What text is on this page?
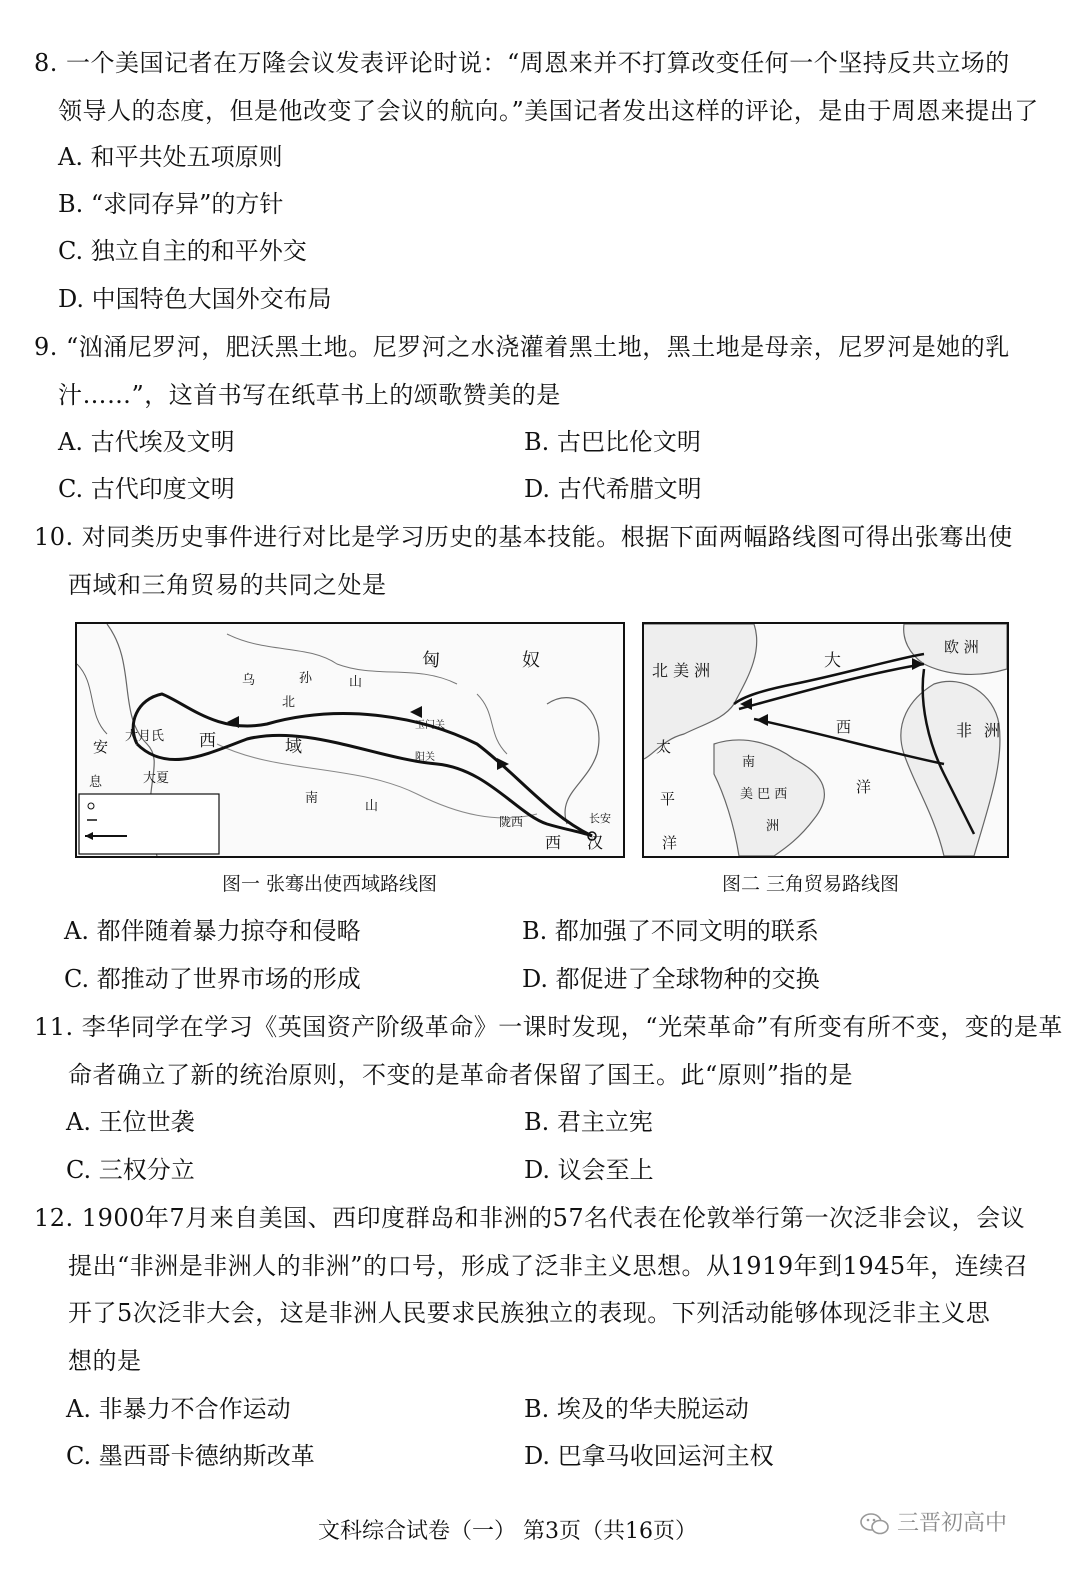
8. 一个美国记者在万隆会议发表评论时说：“周恩来并不打算改变任何一个坚持反共立场的
领导人的态度，但是他改变了会议的航向。”美国记者发出这样的评论，是由于周恩来提出了
A. 和平共处五项原则
B. “求同存异”的方针
C. 独立自主的和平外交
D. 中国特色大国外交布局
9. “汹涌尼罗河，肥沃黑土地。尼罗河之水浇灌着黑土地，黑土地是母亲，尼罗河是她的乳
汁……”，这首书写在纸草书上的颂歌赞美的是
A. 古代埃及文明	B. 古巴比伦文明
C. 古代印度文明	D. 古代希腊文明
10. 对同类历史事件进行对比是学习历史的基本技能。根据下面两幅路线图可得出张骞出使
西域和三角贸易的共同之处是
匈	奴
乌	孙	山
北
西	域
南
山
大月氏
大夏
安
息
玉门关
阳关
陇西	长安
西 汉
北 美 洲	大
西
洋
欧 洲
非 洲
太
平
洋
南
美 巴 西
洲
图一 张骞出使西域路线图	图二 三角贸易路线图
A. 都伴随着暴力掠夺和侵略	B. 都加强了不同文明的联系
C. 都推动了世界市场的形成	D. 都促进了全球物种的交换
11. 李华同学在学习《英国资产阶级革命》一课时发现，“光荣革命”有所变有所不变，变的是革
命者确立了新的统治原则，不变的是革命者保留了国王。此“原则”指的是
A. 王位世袭	B. 君主立宪
C. 三权分立	D. 议会至上
12. 1900年7月来自美国、西印度群岛和非洲的57名代表在伦敦举行第一次泛非会议，会议
提出“非洲是非洲人的非洲”的口号，形成了泛非主义思想。从1919年到1945年，连续召
开了5次泛非大会，这是非洲人民要求民族独立的表现。下列活动能够体现泛非主义思
想的是
A. 非暴力不合作运动	B. 埃及的华夫脱运动
C. 墨西哥卡德纳斯改革	D. 巴拿马收回运河主权
文科综合试卷（一） 第3页（共16页）	三晋初高中
